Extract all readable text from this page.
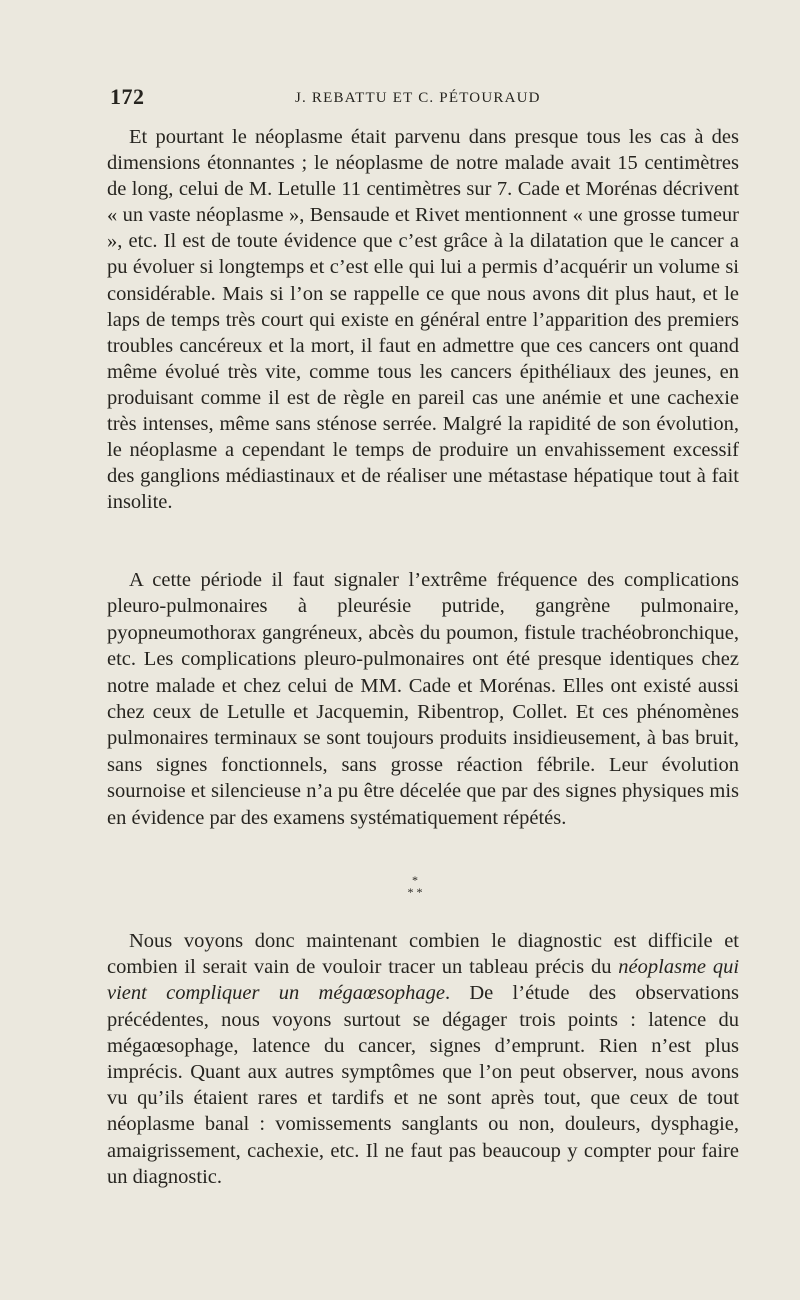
172	J. REBATTU ET C. PÉTOURAUD

Et pourtant le néoplasme était parvenu dans presque tous les cas à des dimensions étonnantes ; le néoplasme de notre malade avait 15 centimètres de long, celui de M. Letulle 11 centimètres sur 7. Cade et Morénas décrivent « un vaste néoplasme », Bensaude et Rivet mentionnent « une grosse tumeur », etc. Il est de toute évidence que c’est grâce à la dilatation que le cancer a pu évoluer si longtemps et c’est elle qui lui a permis d’acquérir un volume si considérable. Mais si l’on se rappelle ce que nous avons dit plus haut, et le laps de temps très court qui existe en général entre l’apparition des premiers troubles cancéreux et la mort, il faut en admettre que ces cancers ont quand même évolué très vite, comme tous les cancers épithéliaux des jeunes, en produisant comme il est de règle en pareil cas une anémie et une cachexie très intenses, même sans sténose serrée. Malgré la rapidité de son évolution, le néoplasme a cependant le temps de produire un envahissement excessif des ganglions médiastinaux et de réaliser une métastase hépatique tout à fait insolite.

A cette période il faut signaler l’extrême fréquence des complications pleuro-pulmonaires à pleurésie putride, gangrène pulmonaire, pyopneumothorax gangréneux, abcès du poumon, fistule trachéobronchique, etc. Les complications pleuro-pulmonaires ont été presque identiques chez notre malade et chez celui de MM. Cade et Morénas. Elles ont existé aussi chez ceux de Letulle et Jacquemin, Ribentrop, Collet. Et ces phénomènes pulmonaires terminaux se sont toujours produits insidieusement, à bas bruit, sans signes fonctionnels, sans grosse réaction fébrile. Leur évolution sournoise et silencieuse n’a pu être décelée que par des signes physiques mis en évidence par des examens systématiquement répétés.

*
* *

Nous voyons donc maintenant combien le diagnostic est difficile et combien il serait vain de vouloir tracer un tableau précis du néoplasme qui vient compliquer un mégaœsophage. De l’étude des observations précédentes, nous voyons surtout se dégager trois points : latence du mégaœsophage, latence du cancer, signes d’emprunt. Rien n’est plus imprécis. Quant aux autres symptômes que l’on peut observer, nous avons vu qu’ils étaient rares et tardifs et ne sont après tout, que ceux de tout néoplasme banal : vomissements sanglants ou non, douleurs, dysphagie, amaigrissement, cachexie, etc. Il ne faut pas beaucoup y compter pour faire un diagnostic.
